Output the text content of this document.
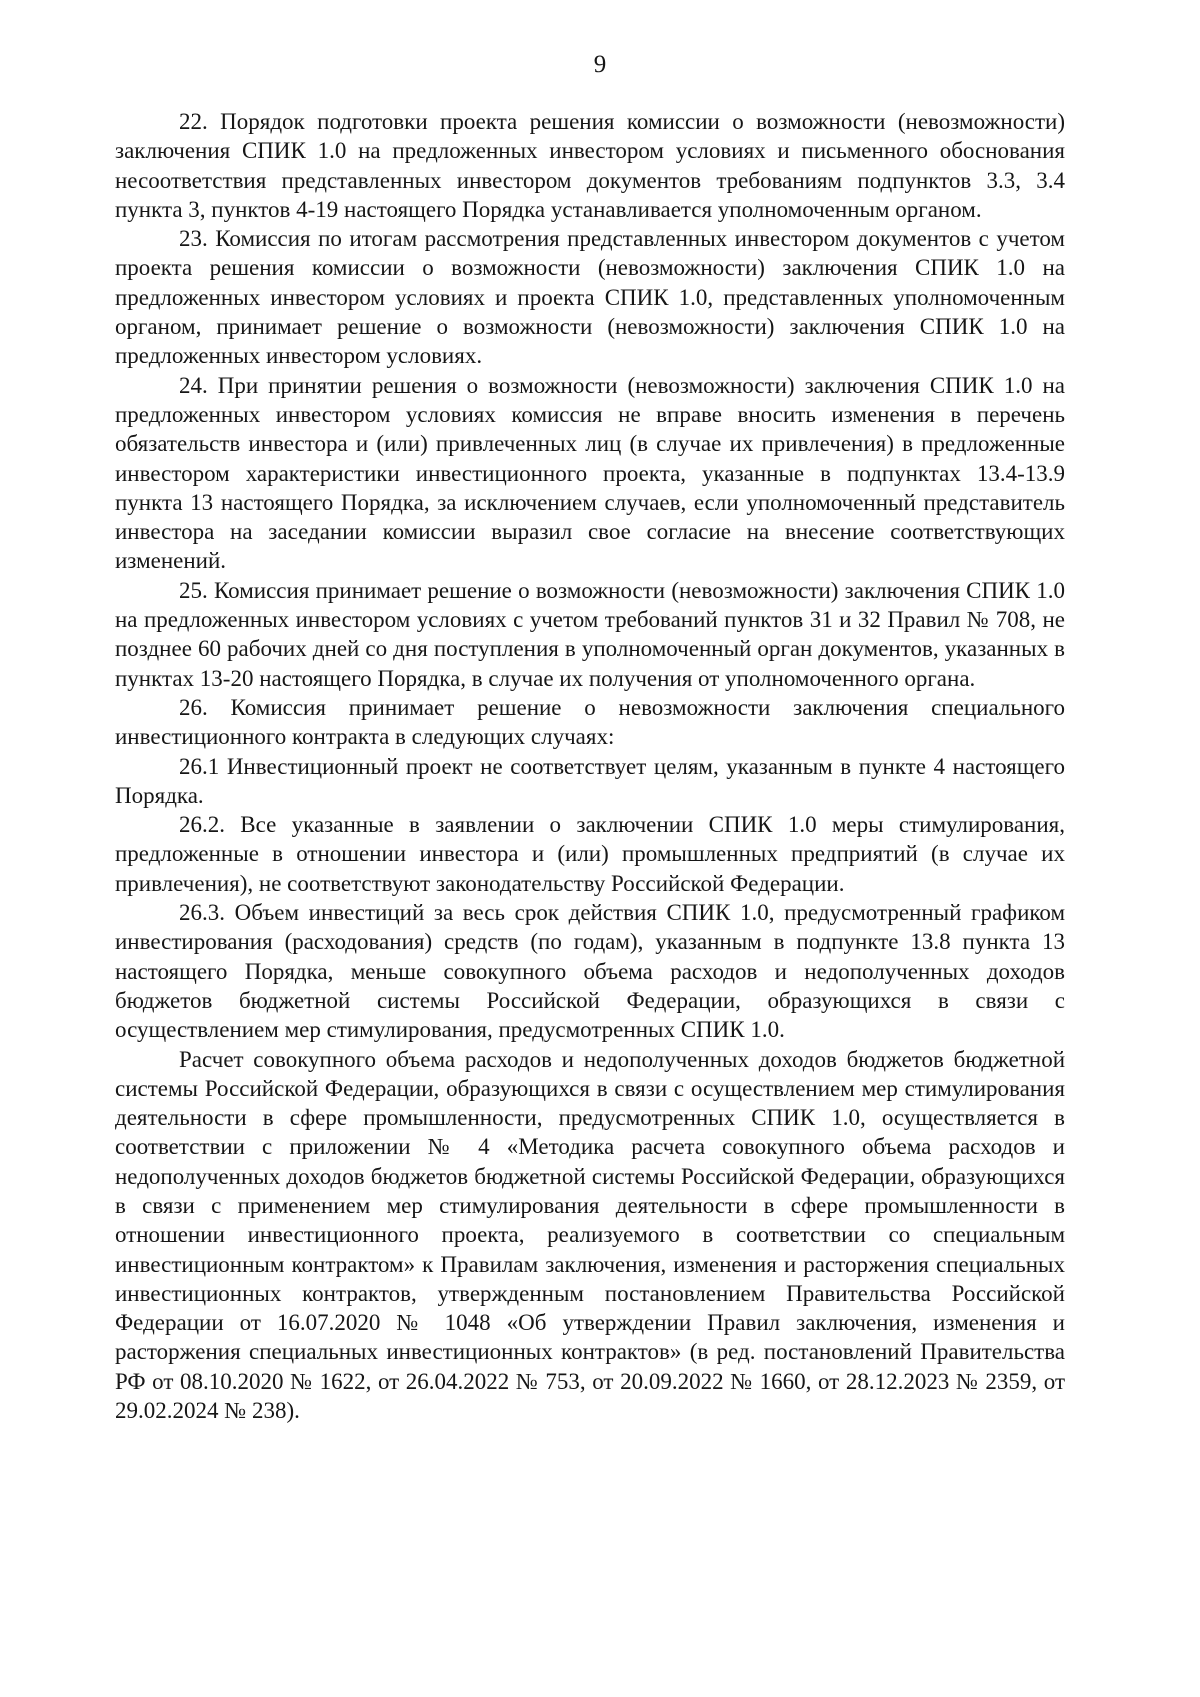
9

22. Порядок подготовки проекта решения комиссии о возможности (невозможности) заключения СПИК 1.0 на предложенных инвестором условиях и письменного обоснования несоответствия представленных инвестором документов требованиям подпунктов 3.3, 3.4 пункта 3, пунктов 4-19 настоящего Порядка устанавливается уполномоченным органом.

23. Комиссия по итогам рассмотрения представленных инвестором документов с учетом проекта решения комиссии о возможности (невозможности) заключения СПИК 1.0 на предложенных инвестором условиях и проекта СПИК 1.0, представленных уполномоченным органом, принимает решение о возможности (невозможности) заключения СПИК 1.0 на предложенных инвестором условиях.

24. При принятии решения о возможности (невозможности) заключения СПИК 1.0 на предложенных инвестором условиях комиссия не вправе вносить изменения в перечень обязательств инвестора и (или) привлеченных лиц (в случае их привлечения) в предложенные инвестором характеристики инвестиционного проекта, указанные в подпунктах 13.4-13.9 пункта 13 настоящего Порядка, за исключением случаев, если уполномоченный представитель инвестора на заседании комиссии выразил свое согласие на внесение соответствующих изменений.

25. Комиссия принимает решение о возможности (невозможности) заключения СПИК 1.0 на предложенных инвестором условиях с учетом требований пунктов 31 и 32 Правил № 708, не позднее 60 рабочих дней со дня поступления в уполномоченный орган документов, указанных в пунктах 13-20 настоящего Порядка, в случае их получения от уполномоченного органа.

26. Комиссия принимает решение о невозможности заключения специального инвестиционного контракта в следующих случаях:

26.1 Инвестиционный проект не соответствует целям, указанным в пункте 4 настоящего Порядка.

26.2. Все указанные в заявлении о заключении СПИК 1.0 меры стимулирования, предложенные в отношении инвестора и (или) промышленных предприятий (в случае их привлечения), не соответствуют законодательству Российской Федерации.

26.3. Объем инвестиций за весь срок действия СПИК 1.0, предусмотренный графиком инвестирования (расходования) средств (по годам), указанным в подпункте 13.8 пункта 13 настоящего Порядка, меньше совокупного объема расходов и недополученных доходов бюджетов бюджетной системы Российской Федерации, образующихся в связи с осуществлением мер стимулирования, предусмотренных СПИК 1.0.

Расчет совокупного объема расходов и недополученных доходов бюджетов бюджетной системы Российской Федерации, образующихся в связи с осуществлением мер стимулирования деятельности в сфере промышленности, предусмотренных СПИК 1.0, осуществляется в соответствии с приложении № 4 «Методика расчета совокупного объема расходов и недополученных доходов бюджетов бюджетной системы Российской Федерации, образующихся в связи с применением мер стимулирования деятельности в сфере промышленности в отношении инвестиционного проекта, реализуемого в соответствии со специальным инвестиционным контрактом» к Правилам заключения, изменения и расторжения специальных инвестиционных контрактов, утвержденным постановлением Правительства Российской Федерации от 16.07.2020 № 1048 «Об утверждении Правил заключения, изменения и расторжения специальных инвестиционных контрактов» (в ред. постановлений Правительства РФ от 08.10.2020 № 1622, от 26.04.2022 № 753, от 20.09.2022 № 1660, от 28.12.2023 № 2359, от 29.02.2024 № 238).
